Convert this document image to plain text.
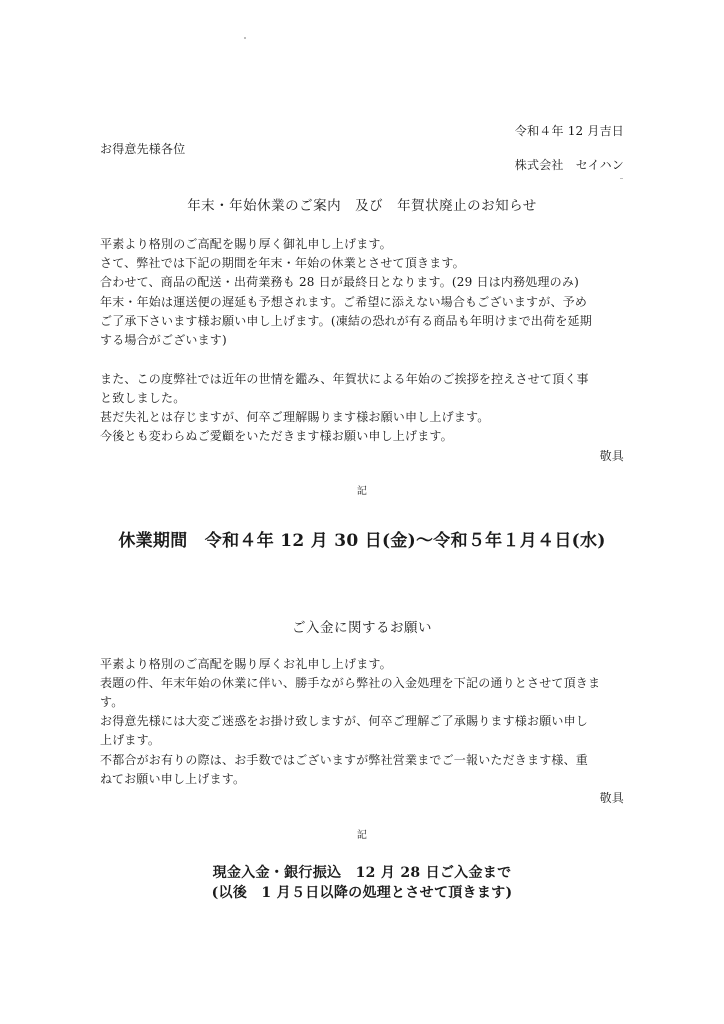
令和４年 12 月吉日
お得意先様各位
株式会社　セイハン
年末・年始休業のご案内　及び　年賀状廃止のお知らせ
平素より格別のご高配を賜り厚く御礼申し上げます。
さて、弊社では下記の期間を年末・年始の休業とさせて頂きます。
合わせて、商品の配送・出荷業務も 28 日が最終日となります。(29 日は内務処理のみ)
年末・年始は運送便の遅延も予想されます。ご希望に添えない場合もございますが、予め
ご了承下さいます様お願い申し上げます。(凍結の恐れが有る商品も年明けまで出荷を延期
する場合がございます)
また、この度弊社では近年の世情を鑑み、年賀状による年始のご挨拶を控えさせて頂く事
と致しました。
甚だ失礼とは存じますが、何卒ご理解賜ります様お願い申し上げます。
今後とも変わらぬご愛顧をいただきます様お願い申し上げます。
敬具
記
休業期間　令和４年 12 月 30 日(金)〜令和５年１月４日(水)
ご入金に関するお願い
平素より格別のご高配を賜り厚くお礼申し上げます。
表題の件、年末年始の休業に伴い、勝手ながら弊社の入金処理を下記の通りとさせて頂きま
す。
お得意先様には大変ご迷惑をお掛け致しますが、何卒ご理解ご了承賜ります様お願い申し
上げます。
不都合がお有りの際は、お手数ではございますが弊社営業までご一報いただきます様、重
ねてお願い申し上げます。
敬具
記
現金入金・銀行振込　12 月 28 日ご入金まで
(以後　1 月５日以降の処理とさせて頂きます)
